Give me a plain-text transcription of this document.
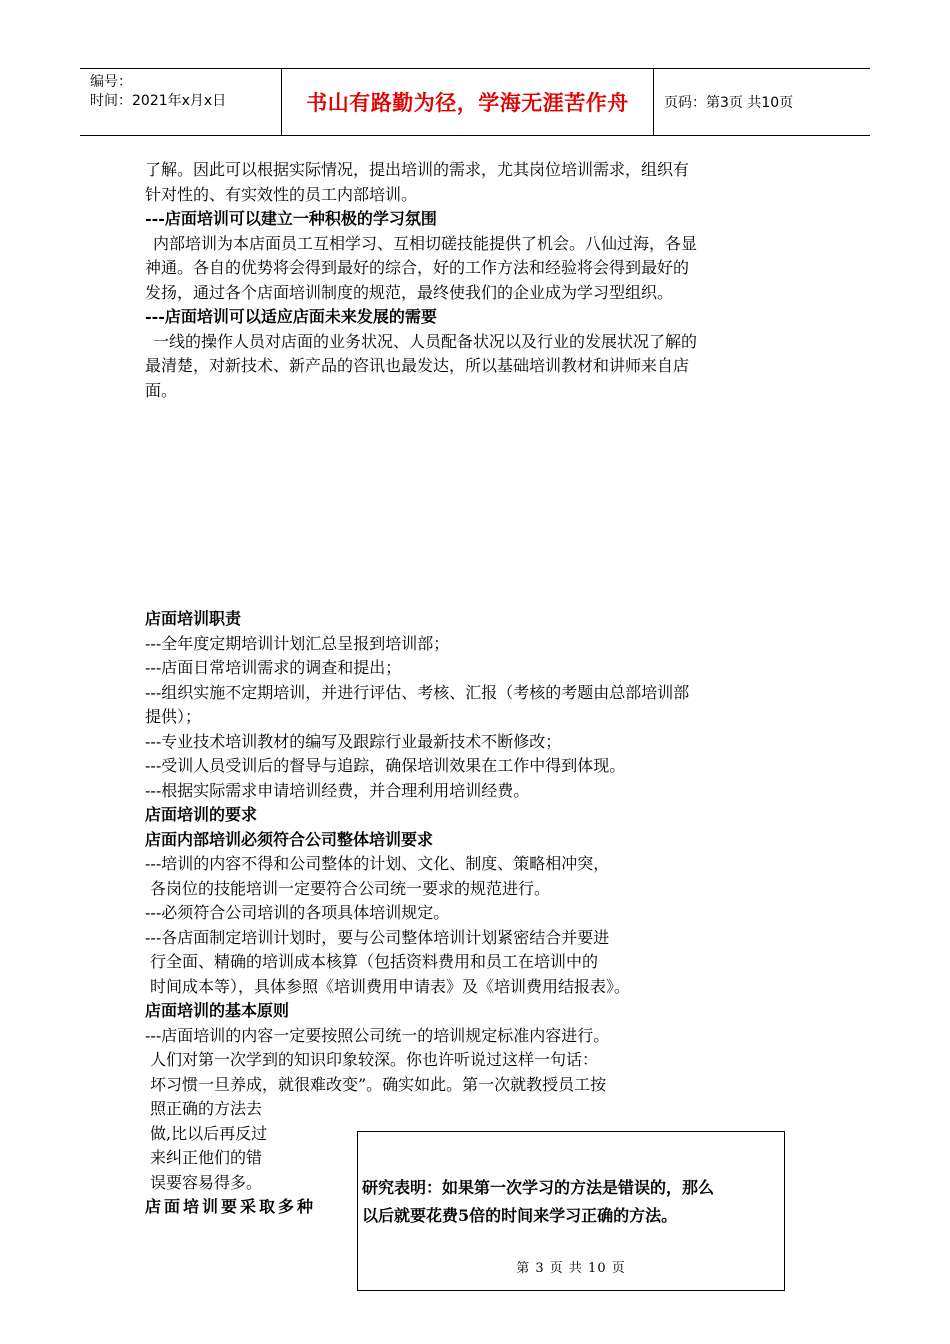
编号：
时间：2021年x月x日	书山有路勤为径，学海无涯苦作舟	页码：第3页 共10页

了解。因此可以根据实际情况，提出培训的需求，尤其岗位培训需求，组织有

针对性的、有实效性的员工内部培训。

---店面培训可以建立一种积极的学习氛围

内部培训为本店面员工互相学习、互相切磋技能提供了机会。八仙过海，各显

神通。各自的优势将会得到最好的综合，好的工作方法和经验将会得到最好的

发扬，通过各个店面培训制度的规范，最终使我们的企业成为学习型组织。

---店面培训可以适应店面未来发展的需要

一线的操作人员对店面的业务状况、人员配备状况以及行业的发展状况了解的

最清楚，对新技术、新产品的咨讯也最发达，所以基础培训教材和讲师来自店

面。

店面培训职责

---全年度定期培训计划汇总呈报到培训部；

---店面日常培训需求的调查和提出；

---组织实施不定期培训，并进行评估、考核、汇报（考核的考题由总部培训部

提供）；

---专业技术培训教材的编写及跟踪行业最新技术不断修改；

---受训人员受训后的督导与追踪，确保培训效果在工作中得到体现。

---根据实际需求申请培训经费，并合理利用培训经费。

店面培训的要求

店面内部培训必须符合公司整体培训要求

---培训的内容不得和公司整体的计划、文化、制度、策略相冲突，

各岗位的技能培训一定要符合公司统一要求的规范进行。

---必须符合公司培训的各项具体培训规定。

---各店面制定培训计划时，要与公司整体培训计划紧密结合并要进

行全面、精确的培训成本核算（包括资料费用和员工在培训中的

时间成本等），具体参照《培训费用申请表》及《培训费用结报表》。

店面培训的基本原则

---店面培训的内容一定要按照公司统一的培训规定标准内容进行。

人们对第一次学到的知识印象较深。你也许听说过这样一句话：

坏习惯一旦养成，就很难改变”。确实如此。第一次就教授员工按

照正确的方法去

做,比以后再反过

来纠正他们的错

误要容易得多。

店面培训要采取多种

研究表明：如果第一次学习的方法是错误的，那么
以后就要花费5倍的时间来学习正确的方法。
第 3 页 共 10 页
